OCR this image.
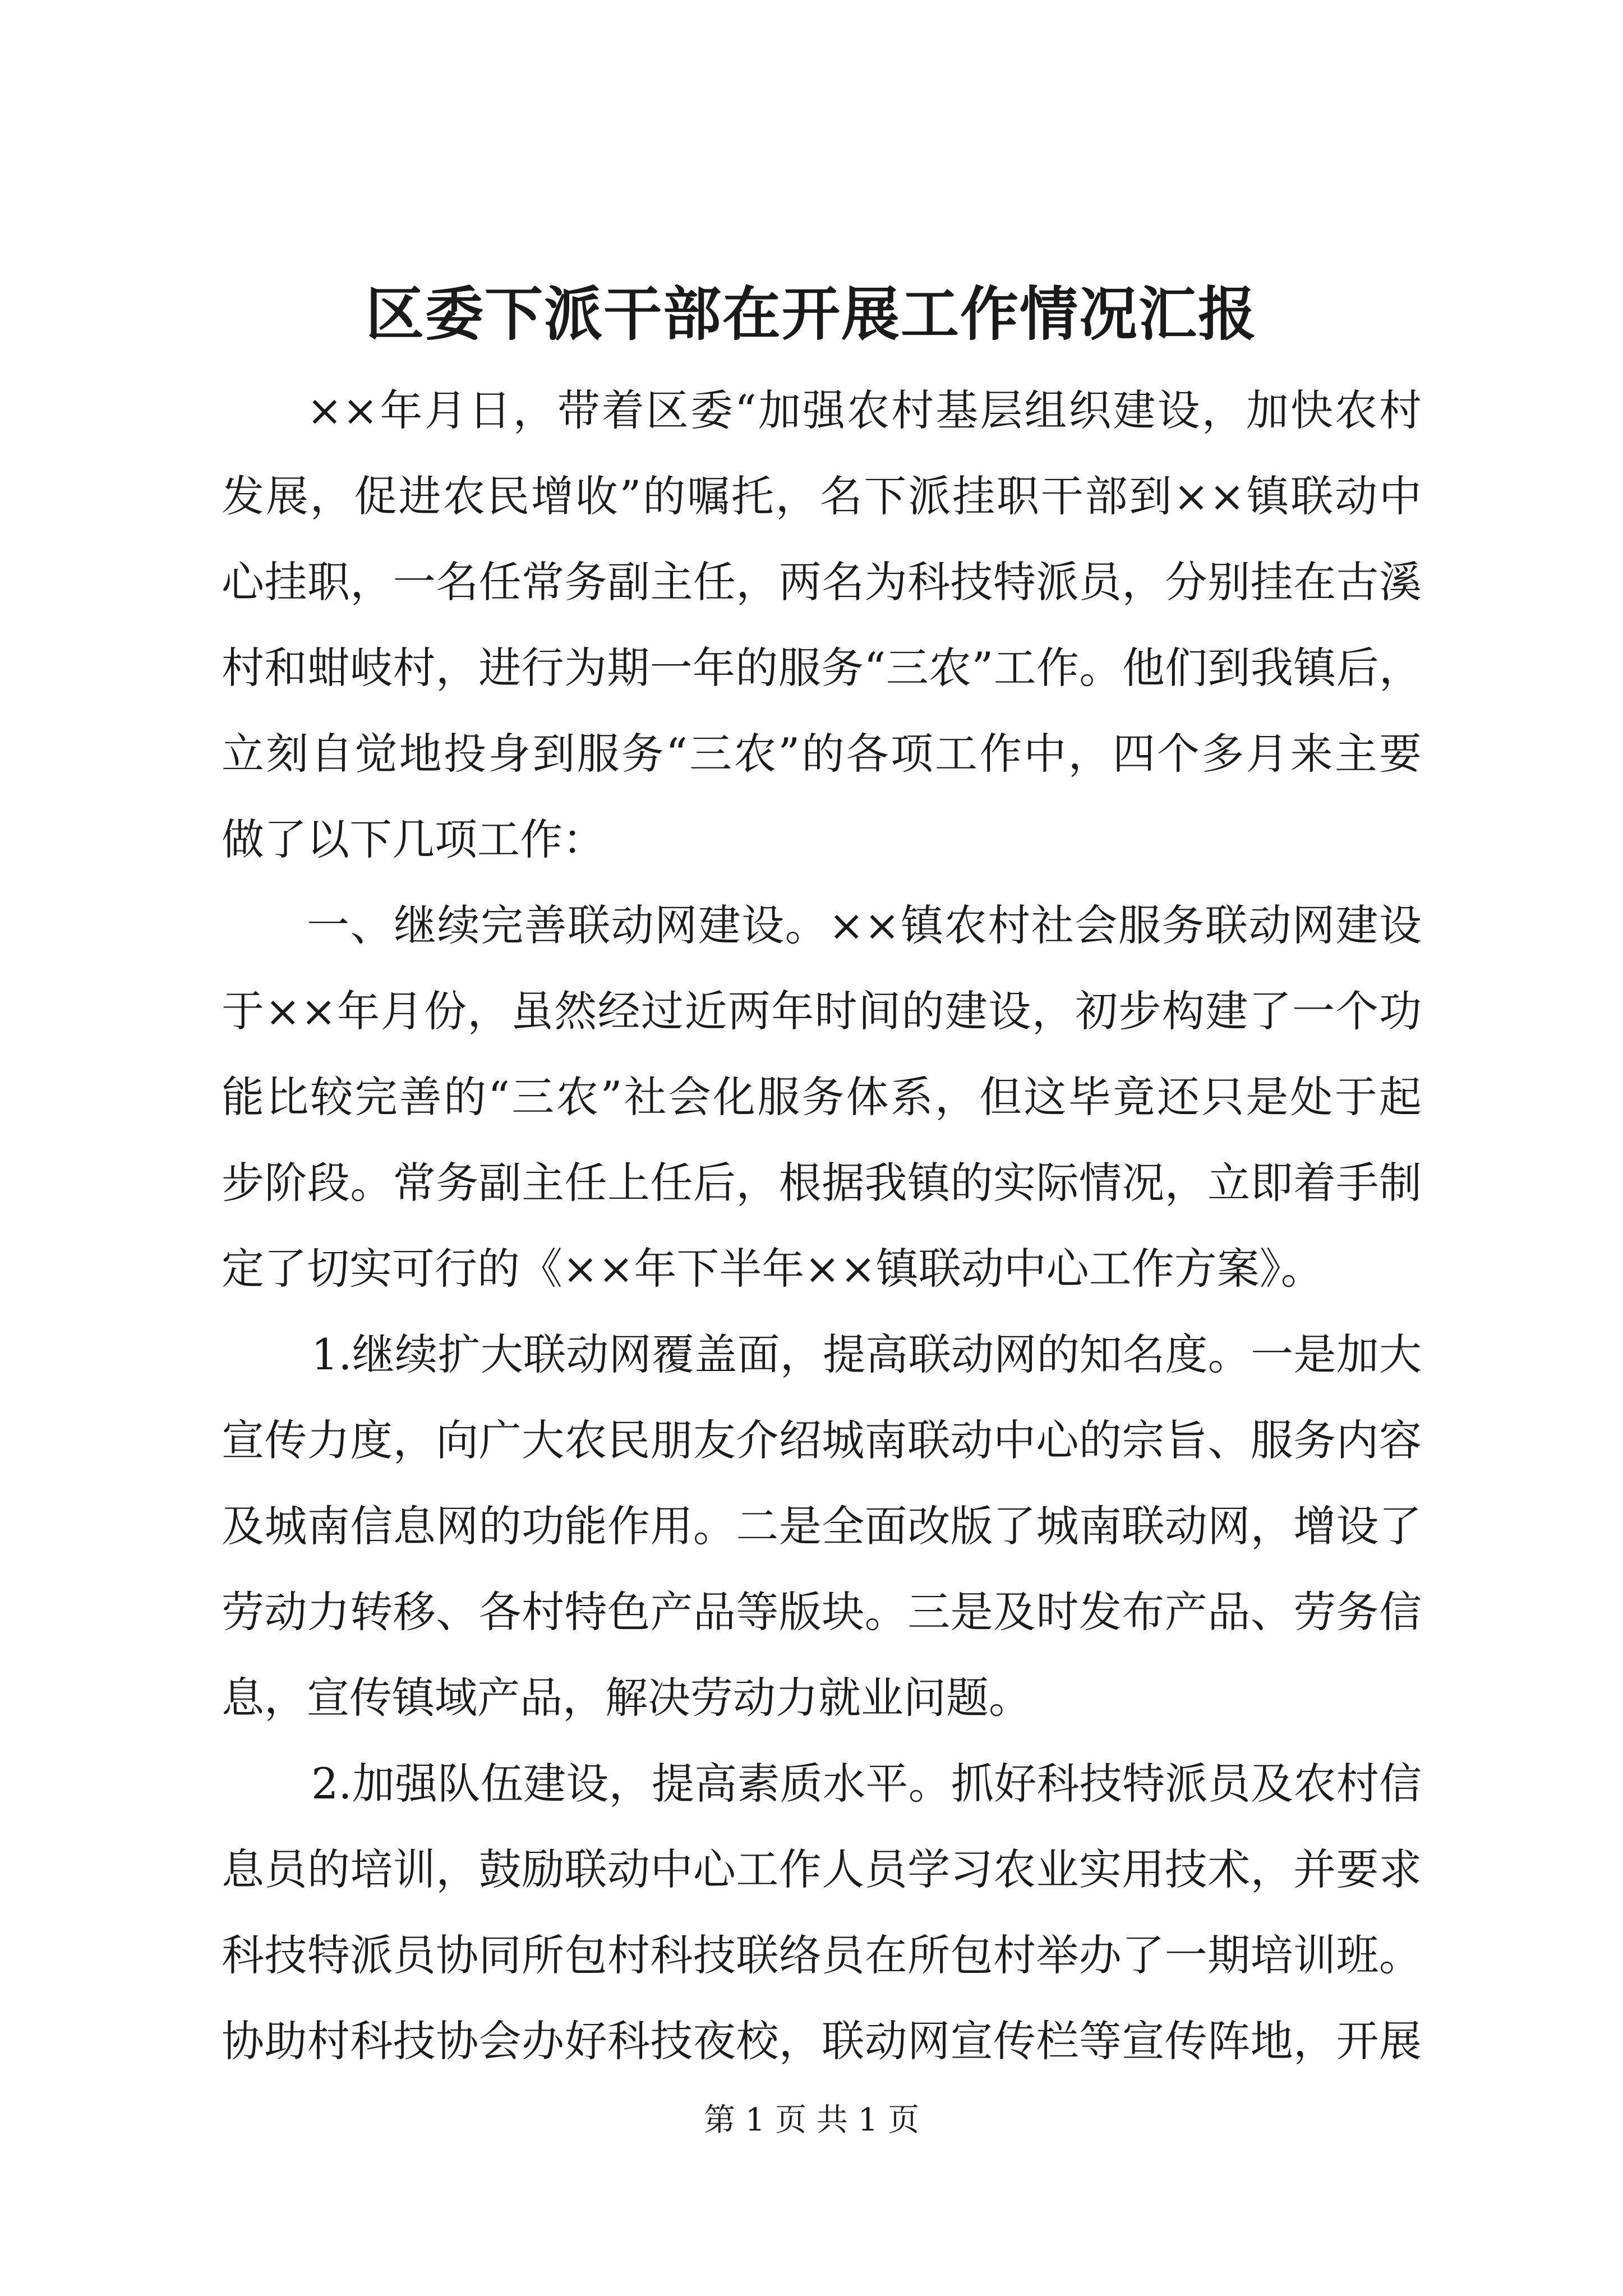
区委下派干部在开展工作情况汇报
××年月日，带着区委“加强农村基层组织建设，加快农村
发展，促进农民增收”的嘱托，名下派挂职干部到××镇联动中
心挂职，一名任常务副主任，两名为科技特派员，分别挂在古溪
村和蚶岐村，进行为期一年的服务“三农”工作。他们到我镇后，
立刻自觉地投身到服务“三农”的各项工作中，四个多月来主要
做了以下几项工作：
一、继续完善联动网建设。××镇农村社会服务联动网建设
于××年月份，虽然经过近两年时间的建设，初步构建了一个功
能比较完善的“三农”社会化服务体系，但这毕竟还只是处于起
步阶段。常务副主任上任后，根据我镇的实际情况，立即着手制
定了切实可行的《××年下半年××镇联动中心工作方案》。
1.继续扩大联动网覆盖面，提高联动网的知名度。一是加大
宣传力度，向广大农民朋友介绍城南联动中心的宗旨、服务内容
及城南信息网的功能作用。二是全面改版了城南联动网，增设了
劳动力转移、各村特色产品等版块。三是及时发布产品、劳务信
息，宣传镇域产品，解决劳动力就业问题。
2.加强队伍建设，提高素质水平。抓好科技特派员及农村信
息员的培训，鼓励联动中心工作人员学习农业实用技术，并要求
科技特派员协同所包村科技联络员在所包村举办了一期培训班。
协助村科技协会办好科技夜校，联动网宣传栏等宣传阵地，开展
第 1 页 共 1 页
